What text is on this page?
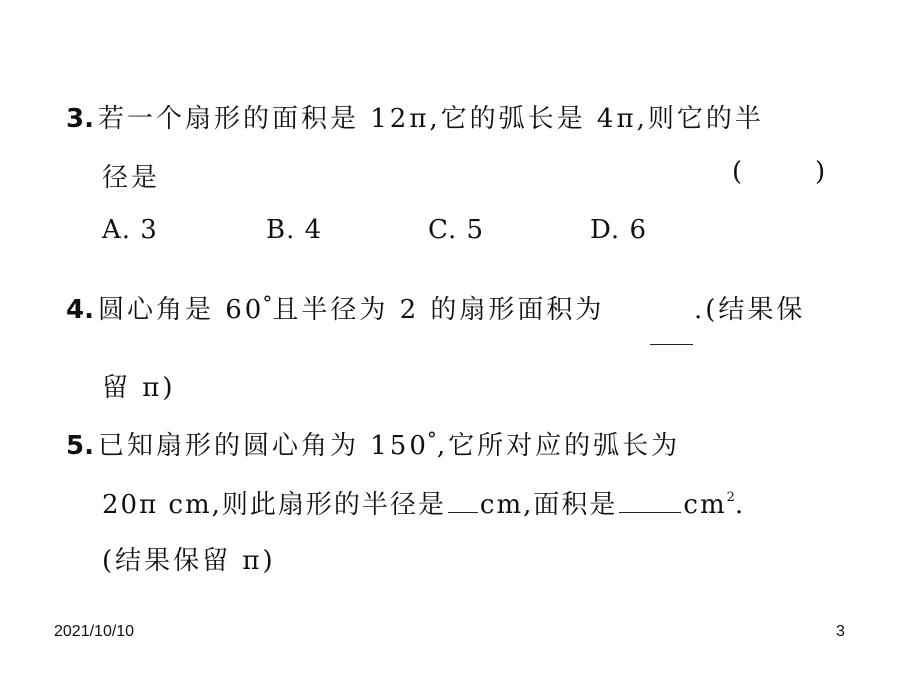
3. 若一个扇形的面积是 12π,它的弧长是 4π,则它的半
径是	(	)
A. 3	B. 4	C. 5	D. 6
4. 圆心角是 60°且半径为 2 的扇形面积为	.(结果保
留 π)
5. 已知扇形的圆心角为 150°,它所对应的弧长为
20π cm,则此扇形的半径是 cm,面积是	$cm^2$.
(结果保留 π)
2021/10/10	3
